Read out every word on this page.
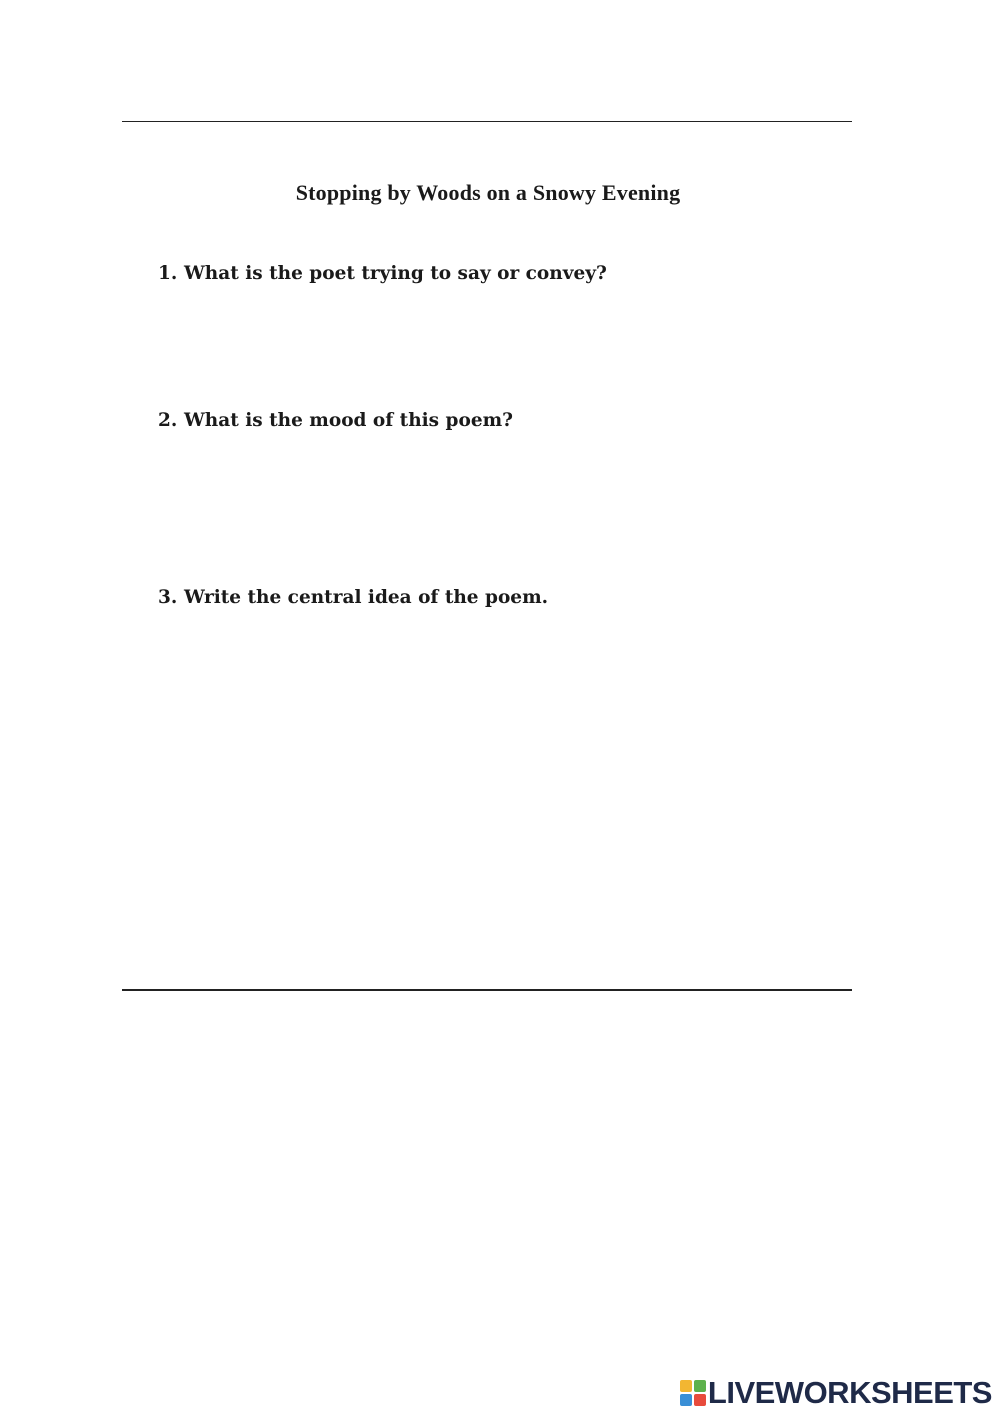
Stopping by Woods on a Snowy Evening
1. What is the poet trying to say or convey?
2. What is the mood of this poem?
3. Write the central idea of the poem.
LIVEWORKSHEETS
